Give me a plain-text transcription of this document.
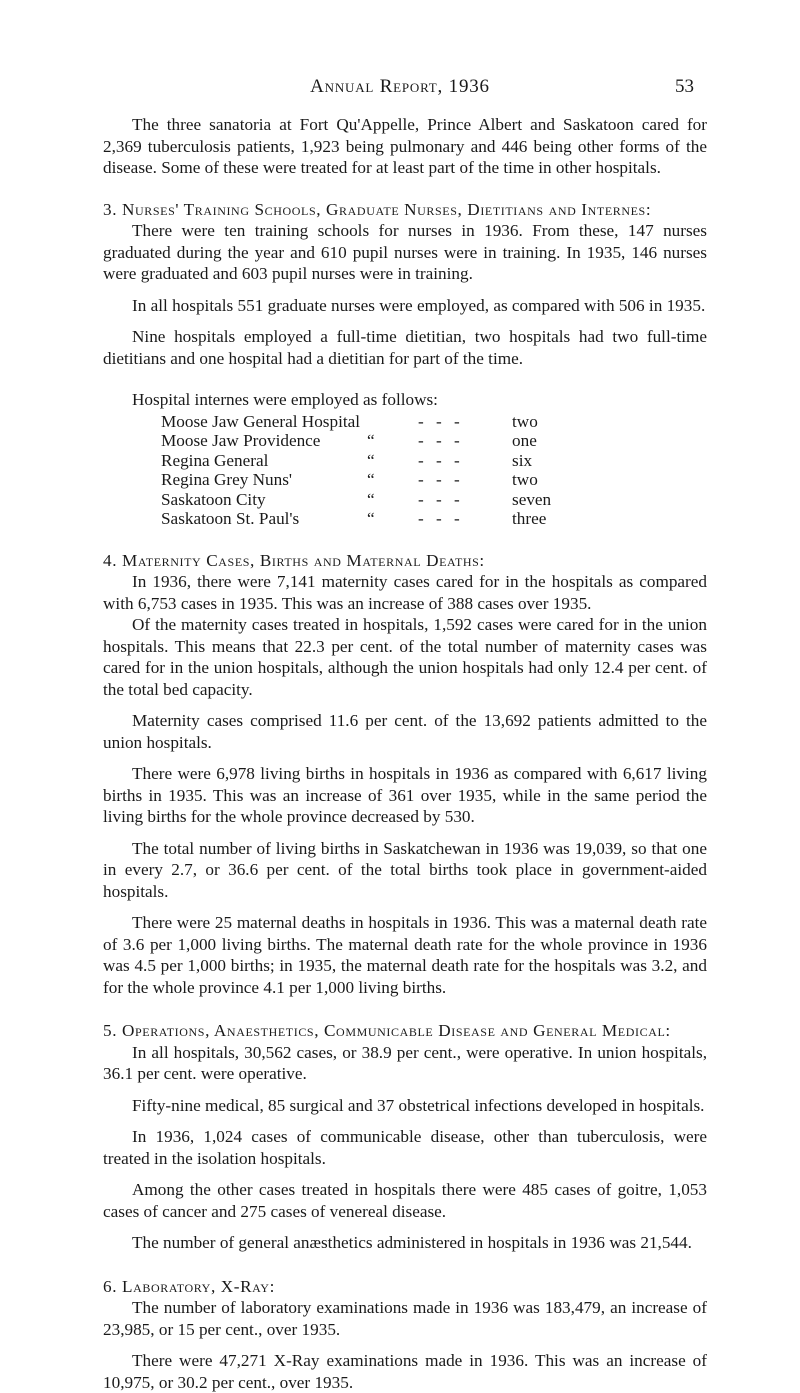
Annual Report, 1936	53

The three sanatoria at Fort Qu'Appelle, Prince Albert and Saskatoon cared for 2,369 tuberculosis patients, 1,923 being pulmonary and 446 being other forms of the disease. Some of these were treated for at least part of the time in other hospitals.

3. Nurses' Training Schools, Graduate Nurses, Dietitians and Internes:

There were ten training schools for nurses in 1936. From these, 147 nurses graduated during the year and 610 pupil nurses were in training. In 1935, 146 nurses were graduated and 603 pupil nurses were in training.

In all hospitals 551 graduate nurses were employed, as compared with 506 in 1935.

Nine hospitals employed a full-time dietitian, two hospitals had two full-time dietitians and one hospital had a dietitian for part of the time.

Hospital internes were employed as follows:
Moose Jaw General Hospital	- - -	two
Moose Jaw Providence	“	- - -	one
Regina General	“	- - -	six
Regina Grey Nuns'	“	- - -	two
Saskatoon City	“	- - -	seven
Saskatoon St. Paul's	“	- - -	three
4. Maternity Cases, Births and Maternal Deaths:

In 1936, there were 7,141 maternity cases cared for in the hospitals as compared with 6,753 cases in 1935. This was an increase of 388 cases over 1935.

Of the maternity cases treated in hospitals, 1,592 cases were cared for in the union hospitals. This means that 22.3 per cent. of the total number of maternity cases was cared for in the union hospitals, although the union hospitals had only 12.4 per cent. of the total bed capacity.

Maternity cases comprised 11.6 per cent. of the 13,692 patients admitted to the union hospitals.

There were 6,978 living births in hospitals in 1936 as compared with 6,617 living births in 1935. This was an increase of 361 over 1935, while in the same period the living births for the whole province decreased by 530.

The total number of living births in Saskatchewan in 1936 was 19,039, so that one in every 2.7, or 36.6 per cent. of the total births took place in government-aided hospitals.

There were 25 maternal deaths in hospitals in 1936. This was a maternal death rate of 3.6 per 1,000 living births. The maternal death rate for the whole province in 1936 was 4.5 per 1,000 births; in 1935, the maternal death rate for the hospitals was 3.2, and for the whole province 4.1 per 1,000 living births.

5. Operations, Anaesthetics, Communicable Disease and General Medical:

In all hospitals, 30,562 cases, or 38.9 per cent., were operative. In union hospitals, 36.1 per cent. were operative.

Fifty-nine medical, 85 surgical and 37 obstetrical infections developed in hospitals.

In 1936, 1,024 cases of communicable disease, other than tuberculosis, were treated in the isolation hospitals.

Among the other cases treated in hospitals there were 485 cases of goitre, 1,053 cases of cancer and 275 cases of venereal disease.

The number of general anæsthetics administered in hospitals in 1936 was 21,544.

6. Laboratory, X-Ray:

The number of laboratory examinations made in 1936 was 183,479, an increase of 23,985, or 15 per cent., over 1935.

There were 47,271 X-Ray examinations made in 1936. This was an increase of 10,975, or 30.2 per cent., over 1935.
